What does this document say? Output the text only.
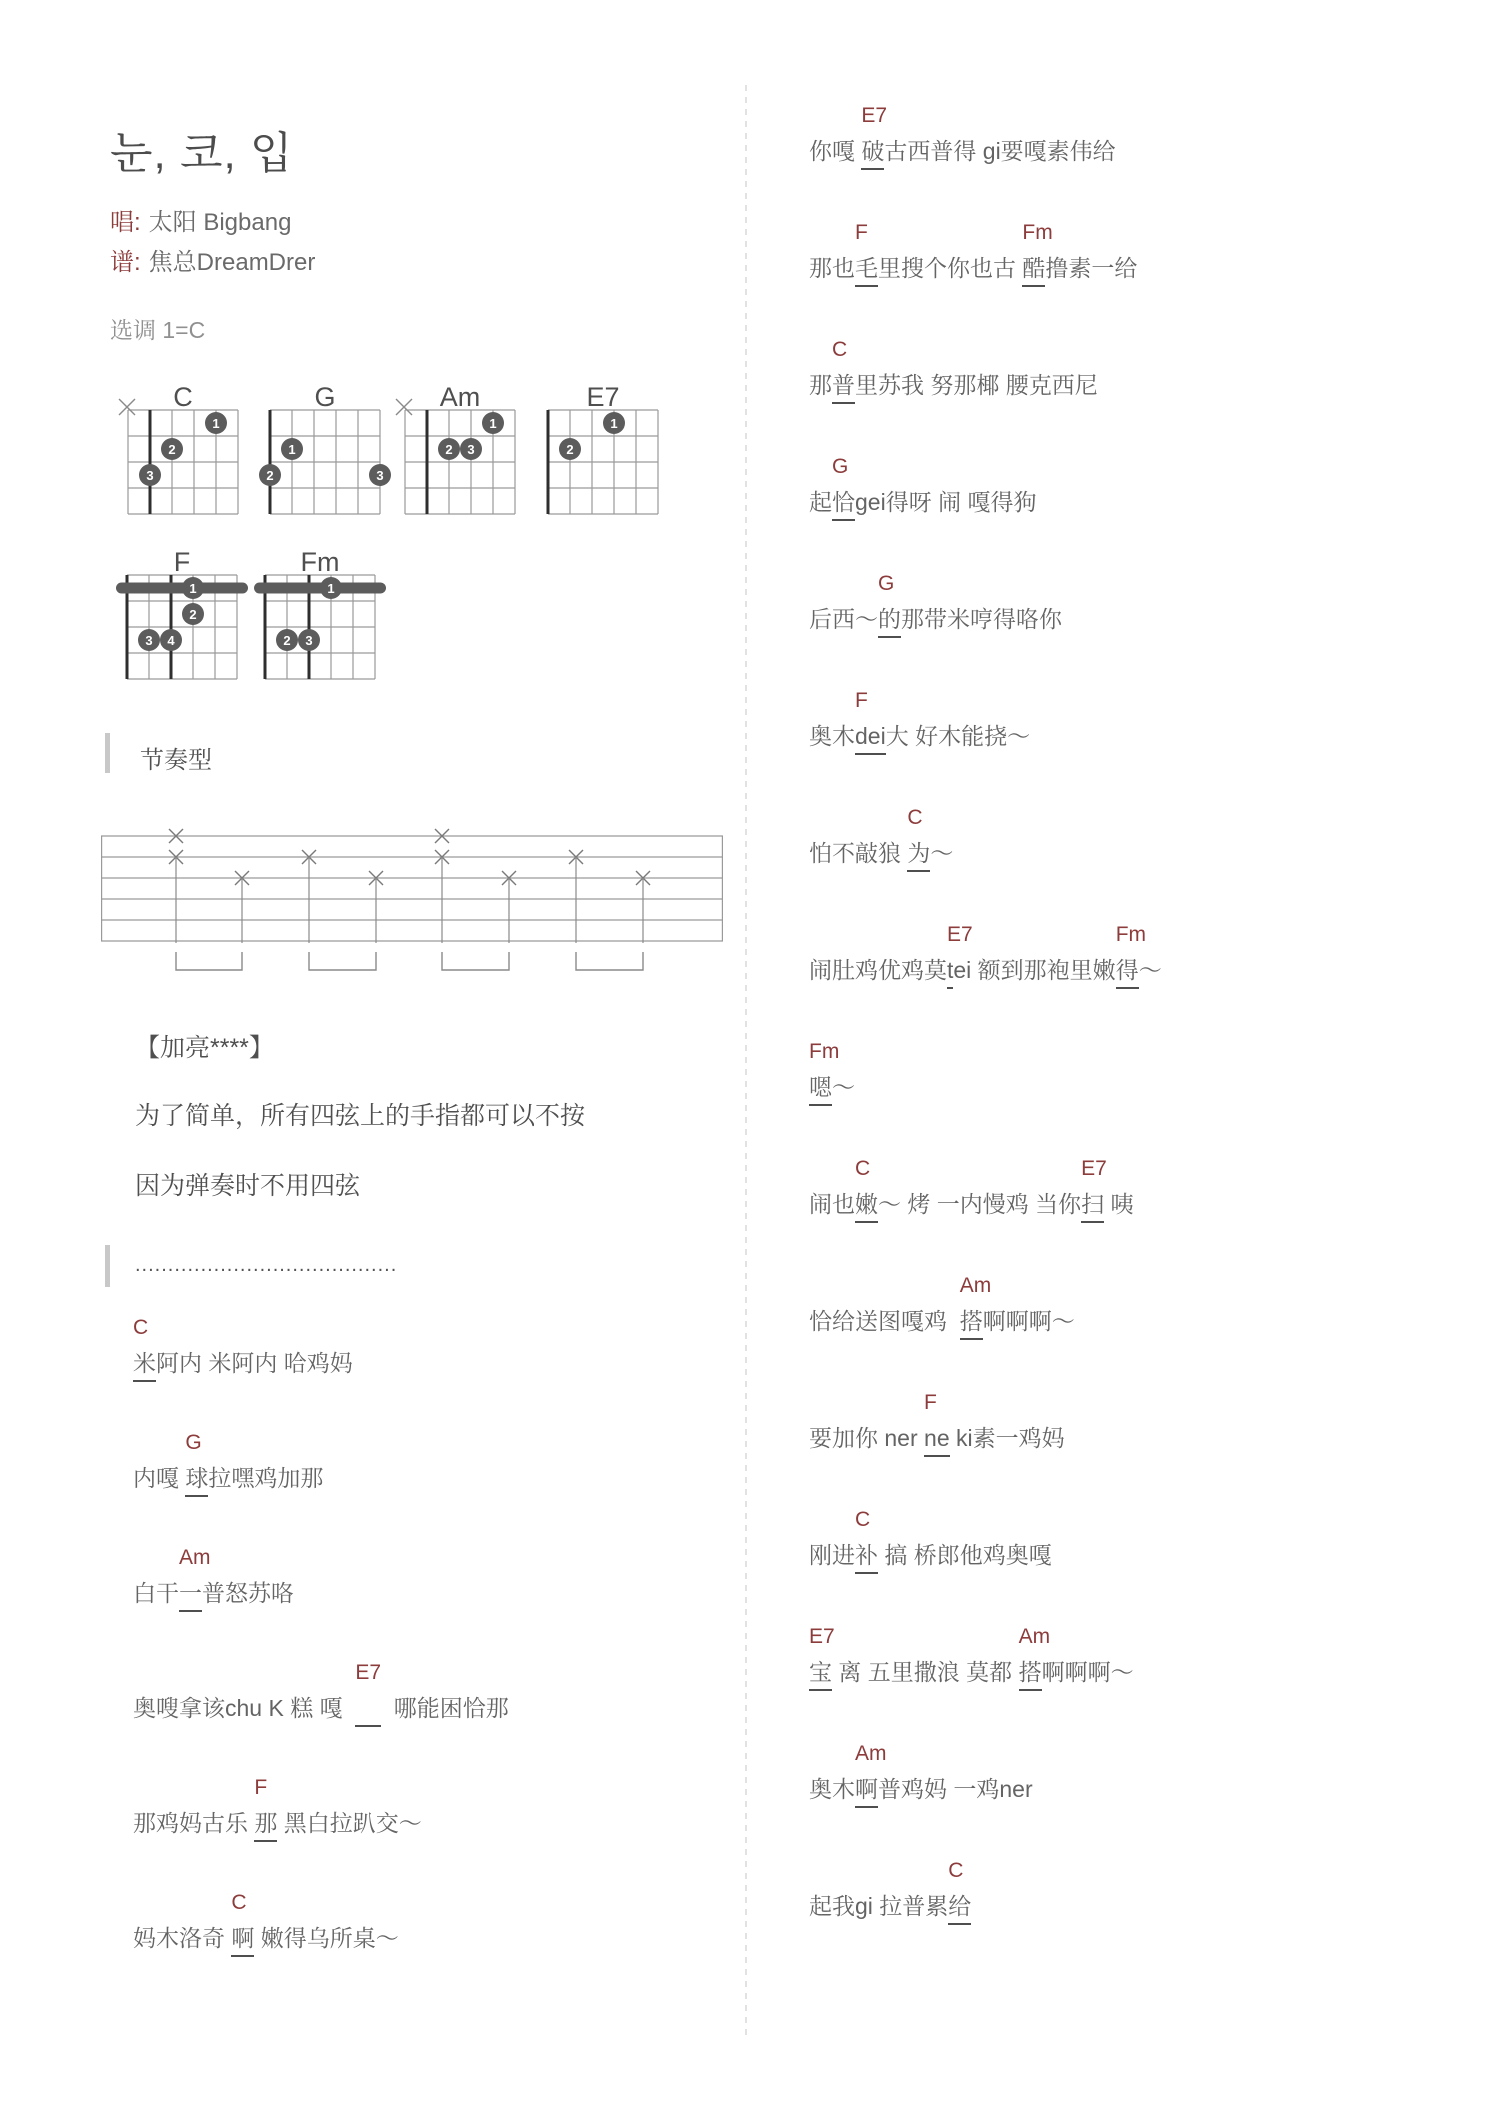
눈, 코, 입
唱: 太阳 Bigbang
谱: 焦总DreamDrer
选调 1=C
C
1
2
3
G
1
2	3
Am
1
2 3
E7
1
2
F
1
2
3 4
Fm
1
2 3
节奏型
【加亮****】
为了简单，所有四弦上的手指都可以不按
因为弹奏时不用四弦
........................................
米
C
阿内 米阿内 哈鸡妈
内嘎 球
G
拉嘿鸡加那
白干一
Am
普怒苏咯
奥嗖拿该chu K 糕 嘎
E7
哪能困恰那
那鸡妈古乐 那
F
黑白拉趴交～
妈木洛奇 啊
C
嫩得乌所桌～
你嘎 破
E7
古西普得 gi要嘎素伟给
那也毛
F
里搜个你也古 酷
Fm
撸素一给
那普
C
里苏我 努那椰 腰克西尼
起恰
G
gei得呀 闹 嘎得狗
后西～的
G
那带米哼得咯你
奥木dei
F
大 好木能挠～
怕不敲狼 为
C
～
闹肚鸡优鸡莫t
E7
ei 额到那袍里嫩得
Fm
～
嗯
Fm
～
闹也嫩
C
～ 烤 一内慢鸡 当你扫
E7
咦
恰给送图嘎鸡  搭
Am
啊啊啊～
要加你 ner ne
F
ki素一鸡妈
刚进补
C
搞 桥郎他鸡奥嘎
宝
E7
离 五里撒浪 莫都 搭
Am
啊啊啊～
奥木啊
Am
普鸡妈 一鸡ner
起我gi 拉普累给
C
